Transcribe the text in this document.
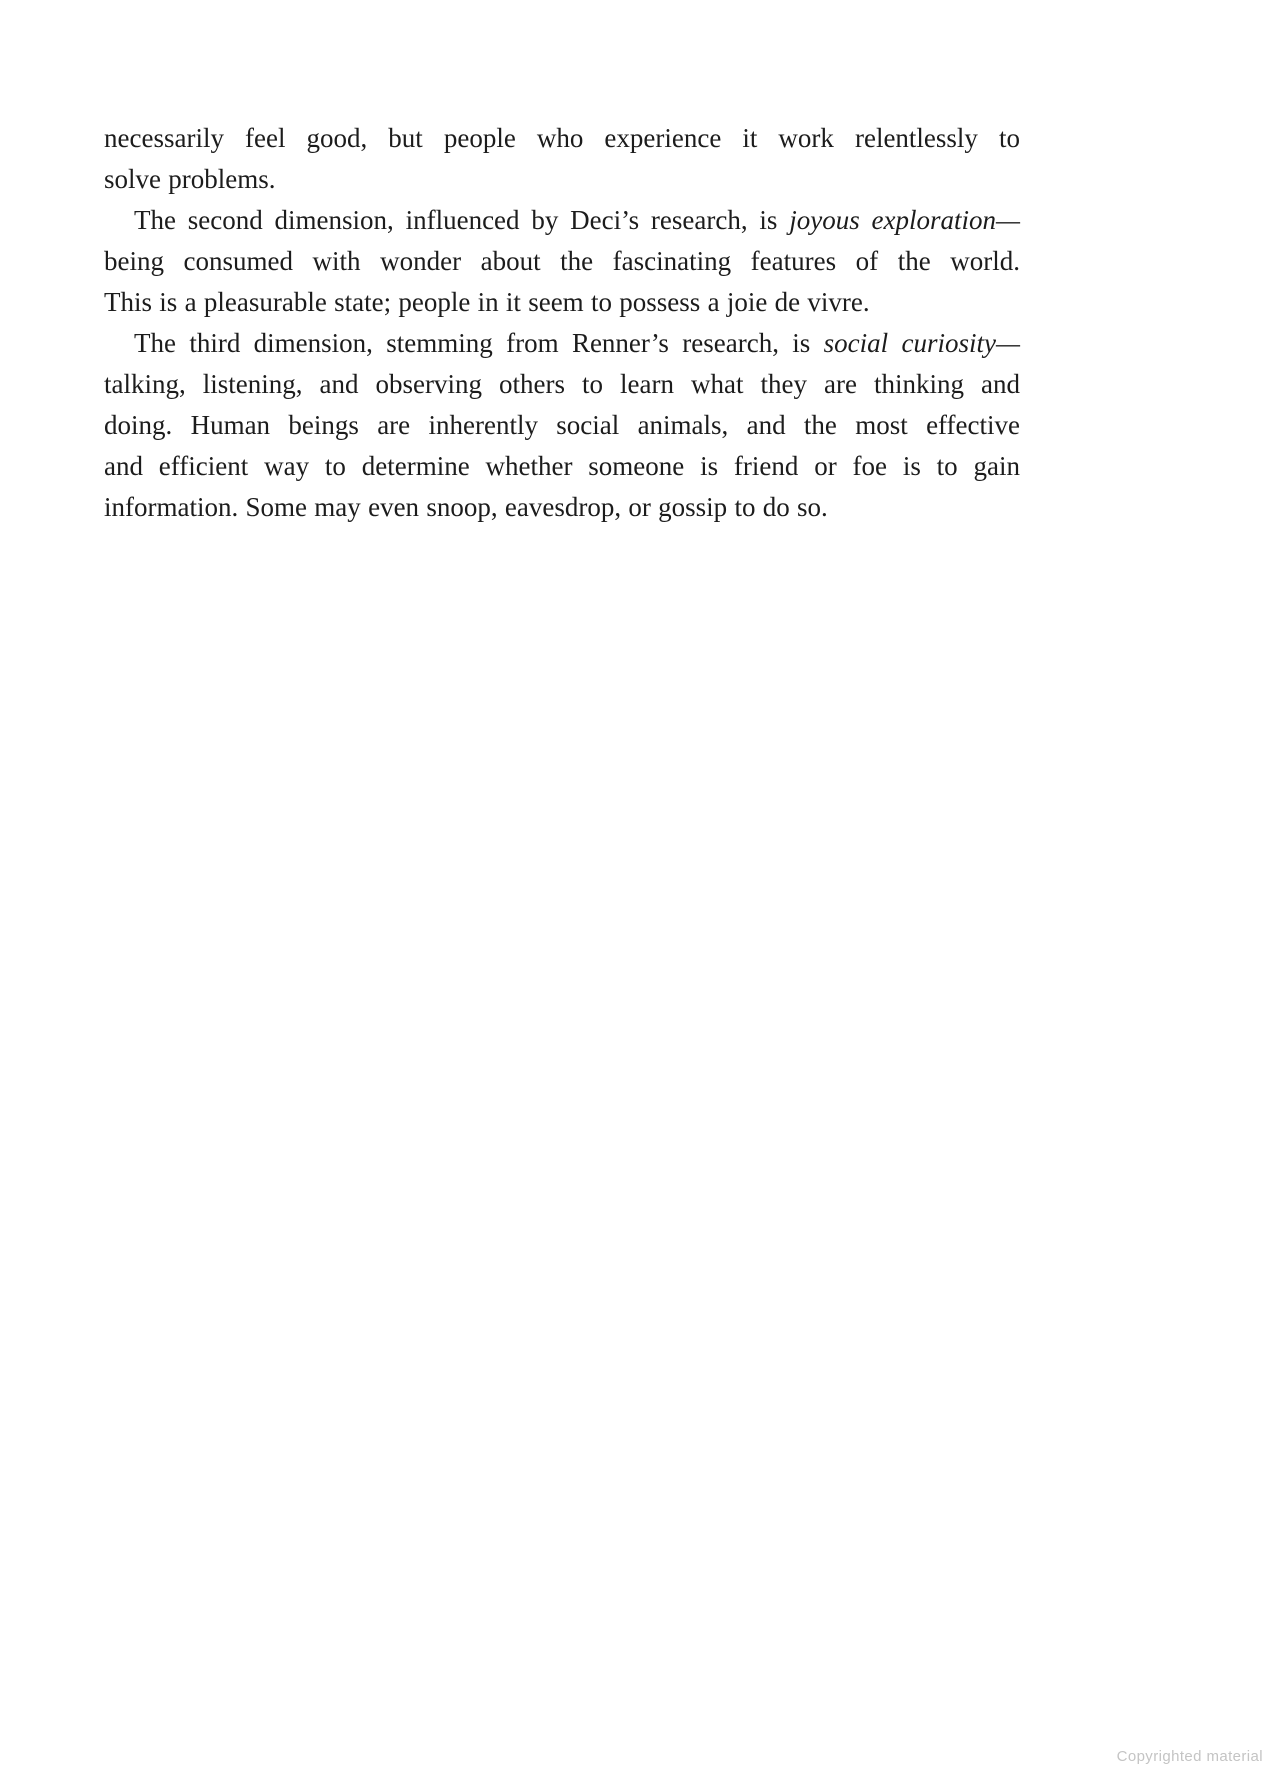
necessarily feel good, but people who experience it work relentlessly to
solve problems.
The second dimension, influenced by Deci’s research, is joyous exploration—
being consumed with wonder about the fascinating features of the world.
This is a pleasurable state; people in it seem to possess a joie de vivre.
The third dimension, stemming from Renner’s research, is social curiosity—
talking, listening, and observing others to learn what they are thinking and
doing. Human beings are inherently social animals, and the most effective
and efficient way to determine whether someone is friend or foe is to gain
information. Some may even snoop, eavesdrop, or gossip to do so.
Copyrighted material
